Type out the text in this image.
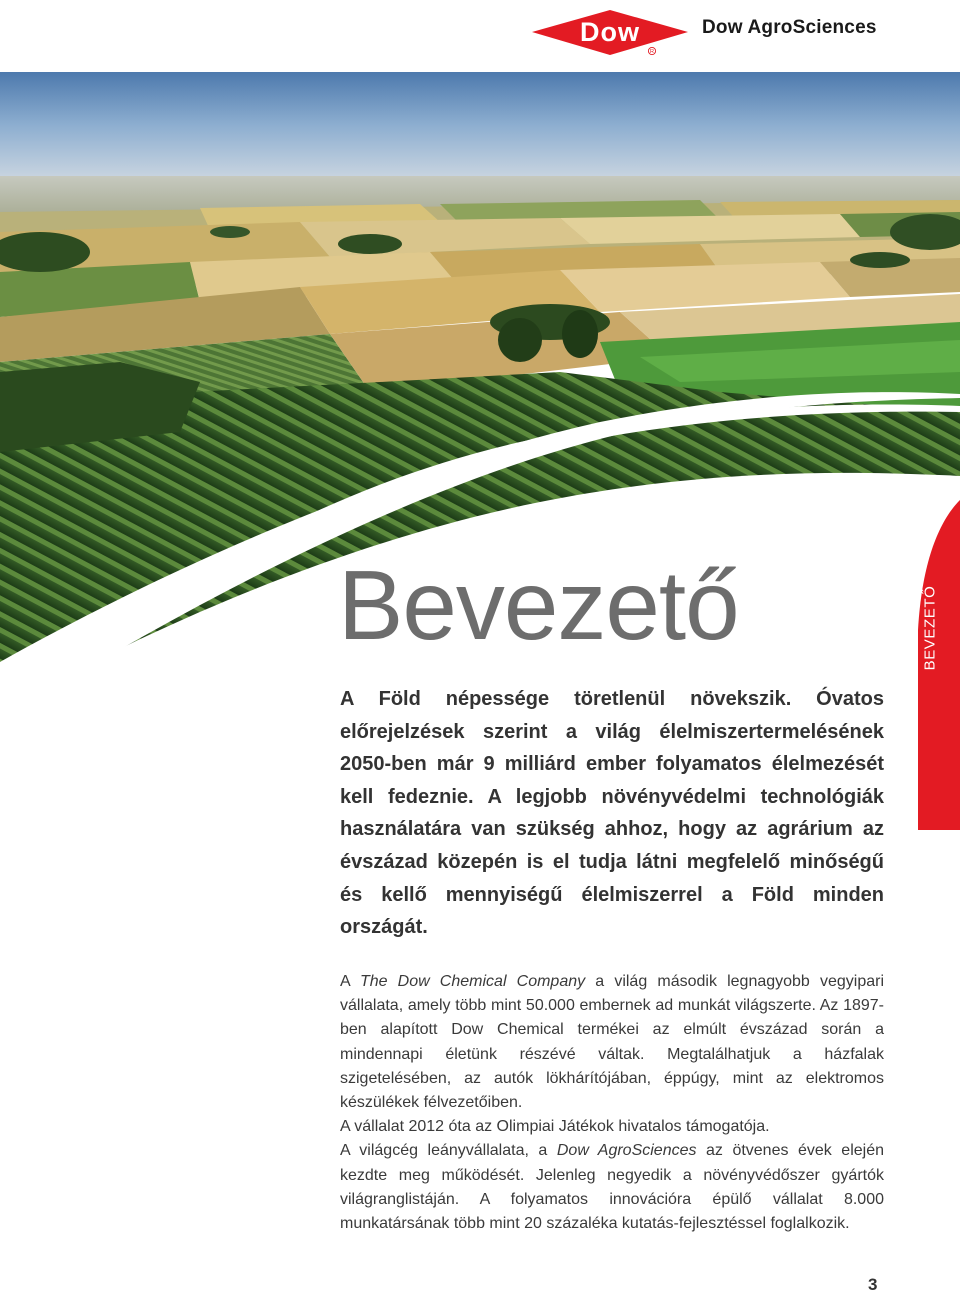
Dow
R
Dow AgroSciences
BEVEZETŐ
Bevezető

A Föld népessége töretlenül növekszik. Óvatos előrejelzések szerint a világ élelmiszertermelésének 2050-ben már 9 milliárd ember folyamatos élelmezését kell fedeznie. A legjobb növényvédelmi technológiák használatára van szükség ahhoz, hogy az agrárium az évszázad közepén is el tudja látni megfelelő minőségű és kellő mennyiségű élelmiszerrel a Föld minden országát.

A The Dow Chemical Company a világ második legnagyobb vegyipari vállalata, amely több mint 50.000 embernek ad munkát világszerte. Az 1897-ben alapított Dow Chemical termékei az elmúlt évszázad során a mindennapi életünk részévé váltak. Megtalálhatjuk a házfalak szigetelésében, az autók lökhárítójában, éppúgy, mint az elektromos készülékek félvezetőiben.

A vállalat 2012 óta az Olimpiai Játékok hivatalos támogatója.

A világcég leányvállalata, a Dow AgroSciences az ötvenes évek elején kezdte meg működését. Jelenleg negyedik a növényvédőszer gyártók világranglistáján. A folyamatos innovációra épülő vállalat 8.000 munkatársának több mint 20 százaléka kutatás-fejlesztéssel foglalkozik.

3
